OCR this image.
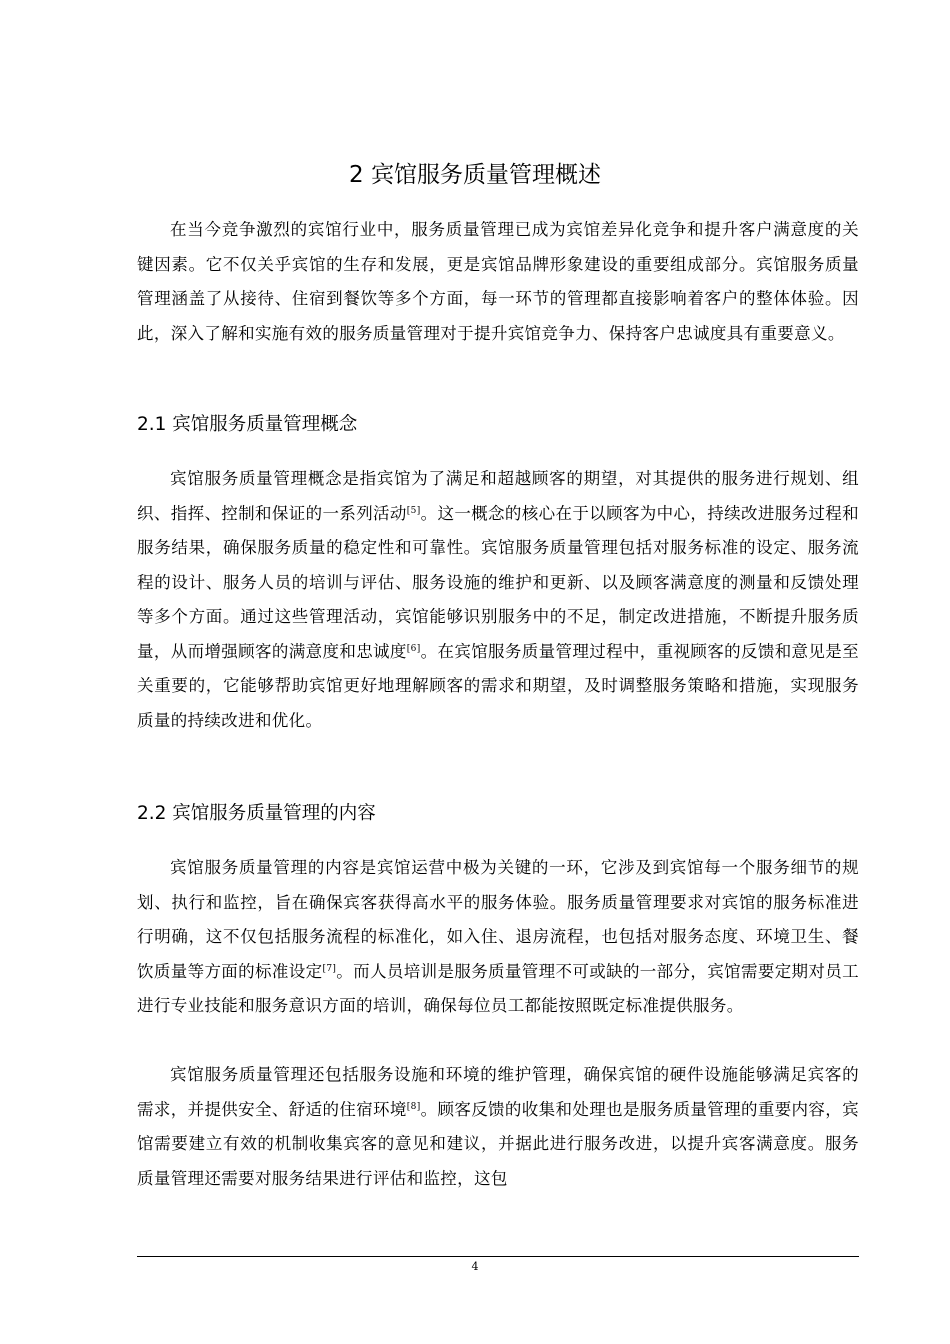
2 宾馆服务质量管理概述

在当今竞争激烈的宾馆行业中，服务质量管理已成为宾馆差异化竞争和提升客户满意度的关键因素。它不仅关乎宾馆的生存和发展，更是宾馆品牌形象建设的重要组成部分。宾馆服务质量管理涵盖了从接待、住宿到餐饮等多个方面，每一环节的管理都直接影响着客户的整体体验。因此，深入了解和实施有效的服务质量管理对于提升宾馆竞争力、保持客户忠诚度具有重要意义。

2.1 宾馆服务质量管理概念

宾馆服务质量管理概念是指宾馆为了满足和超越顾客的期望，对其提供的服务进行规划、组织、指挥、控制和保证的一系列活动[5]。这一概念的核心在于以顾客为中心，持续改进服务过程和服务结果，确保服务质量的稳定性和可靠性。宾馆服务质量管理包括对服务标准的设定、服务流程的设计、服务人员的培训与评估、服务设施的维护和更新、以及顾客满意度的测量和反馈处理等多个方面。通过这些管理活动，宾馆能够识别服务中的不足，制定改进措施，不断提升服务质量，从而增强顾客的满意度和忠诚度[6]。在宾馆服务质量管理过程中，重视顾客的反馈和意见是至关重要的，它能够帮助宾馆更好地理解顾客的需求和期望，及时调整服务策略和措施，实现服务质量的持续改进和优化。

2.2 宾馆服务质量管理的内容

宾馆服务质量管理的内容是宾馆运营中极为关键的一环，它涉及到宾馆每一个服务细节的规划、执行和监控，旨在确保宾客获得高水平的服务体验。服务质量管理要求对宾馆的服务标准进行明确，这不仅包括服务流程的标准化，如入住、退房流程，也包括对服务态度、环境卫生、餐饮质量等方面的标准设定[7]。而人员培训是服务质量管理不可或缺的一部分，宾馆需要定期对员工进行专业技能和服务意识方面的培训，确保每位员工都能按照既定标准提供服务。

宾馆服务质量管理还包括服务设施和环境的维护管理，确保宾馆的硬件设施能够满足宾客的需求，并提供安全、舒适的住宿环境[8]。顾客反馈的收集和处理也是服务质量管理的重要内容，宾馆需要建立有效的机制收集宾客的意见和建议，并据此进行服务改进，以提升宾客满意度。服务质量管理还需要对服务结果进行评估和监控，这包

4
